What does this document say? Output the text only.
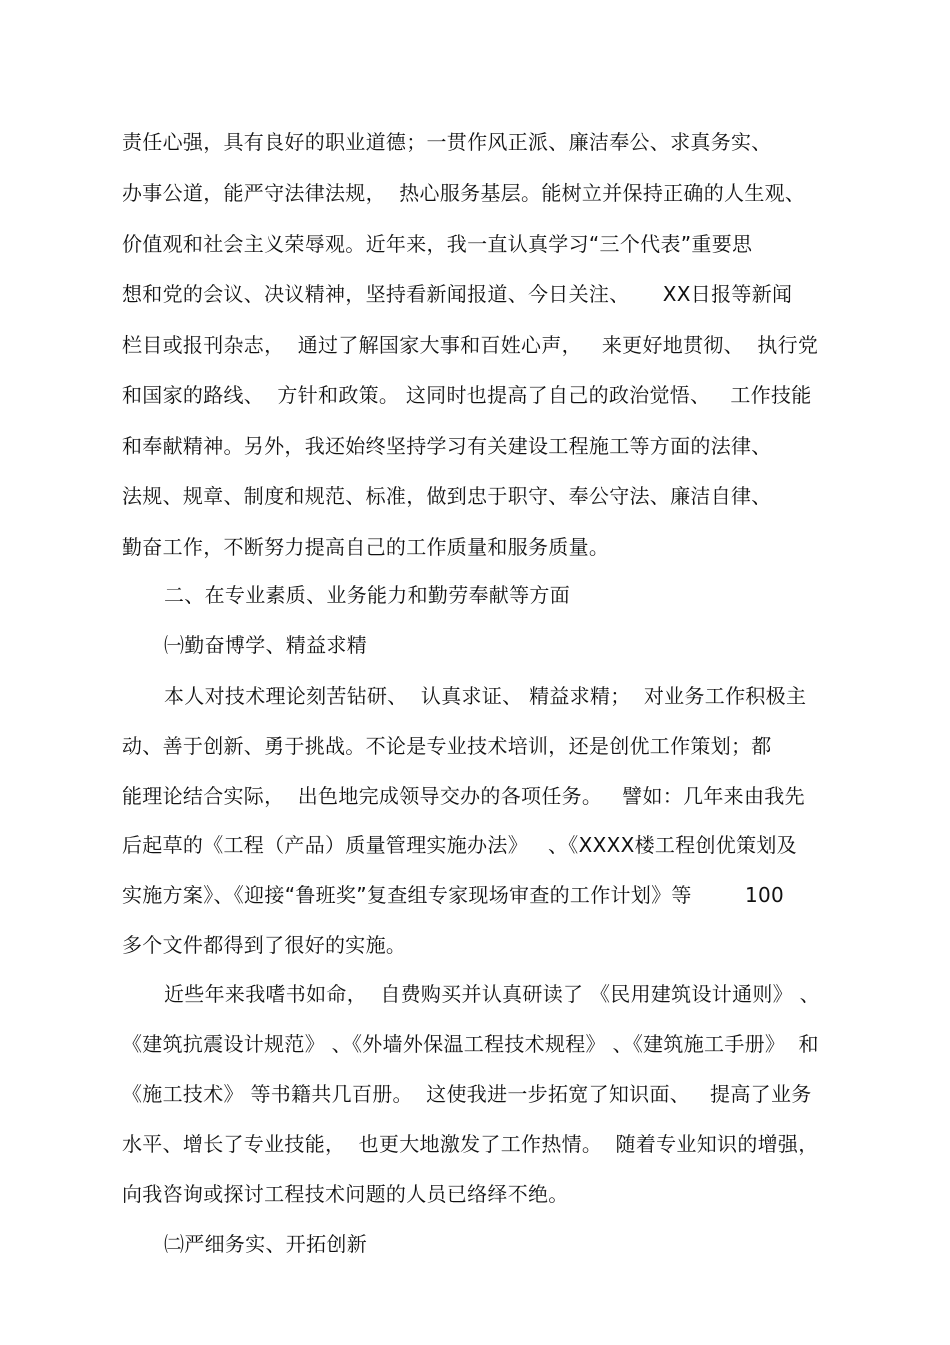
责任心强，具有良好的职业道德；一贯作风正派、廉洁奉公、求真务实、
办事公道，能严守法律法规，  热心服务基层。能树立并保持正确的人生观、
价值观和社会主义荣辱观。近年来，我一直认真学习“三个代表”重要思
想和党的会议、决议精神，坚持看新闻报道、今日关注、     XX日报等新闻
栏目或报刊杂志，  通过了解国家大事和百姓心声，   来更好地贯彻、  执行党
和国家的路线、  方针和政策。 这同时也提高了自己的政治觉悟、   工作技能
和奉献精神。另外，我还始终坚持学习有关建设工程施工等方面的法律、
法规、规章、制度和规范、标准，做到忠于职守、奉公守法、廉洁自律、
勤奋工作，不断努力提高自己的工作质量和服务质量。
二、在专业素质、业务能力和勤劳奉献等方面
㈠勤奋博学、精益求精
本人对技术理论刻苦钻研、  认真求证、 精益求精；  对业务工作积极主
动、善于创新、勇于挑战。不论是专业技术培训，还是创优工作策划；都
能理论结合实际，  出色地完成领导交办的各项任务。   譬如：几年来由我先
后起草的《工程（产品）质量管理实施办法》   、《XXXX楼工程创优策划及
实施方案》、《迎接“鲁班奖”复查组专家现场审查的工作计划》等        100
多个文件都得到了很好的实施。
近些年来我嗜书如命，  自费购买并认真研读了 《民用建筑设计通则》 、
《建筑抗震设计规范》 、《外墙外保温工程技术规程》 、《建筑施工手册》  和
《施工技术》 等书籍共几百册。  这使我进一步拓宽了知识面、   提高了业务
水平、增长了专业技能，  也更大地激发了工作热情。  随着专业知识的增强，
向我咨询或探讨工程技术问题的人员已络绎不绝。
㈡严细务实、开拓创新
